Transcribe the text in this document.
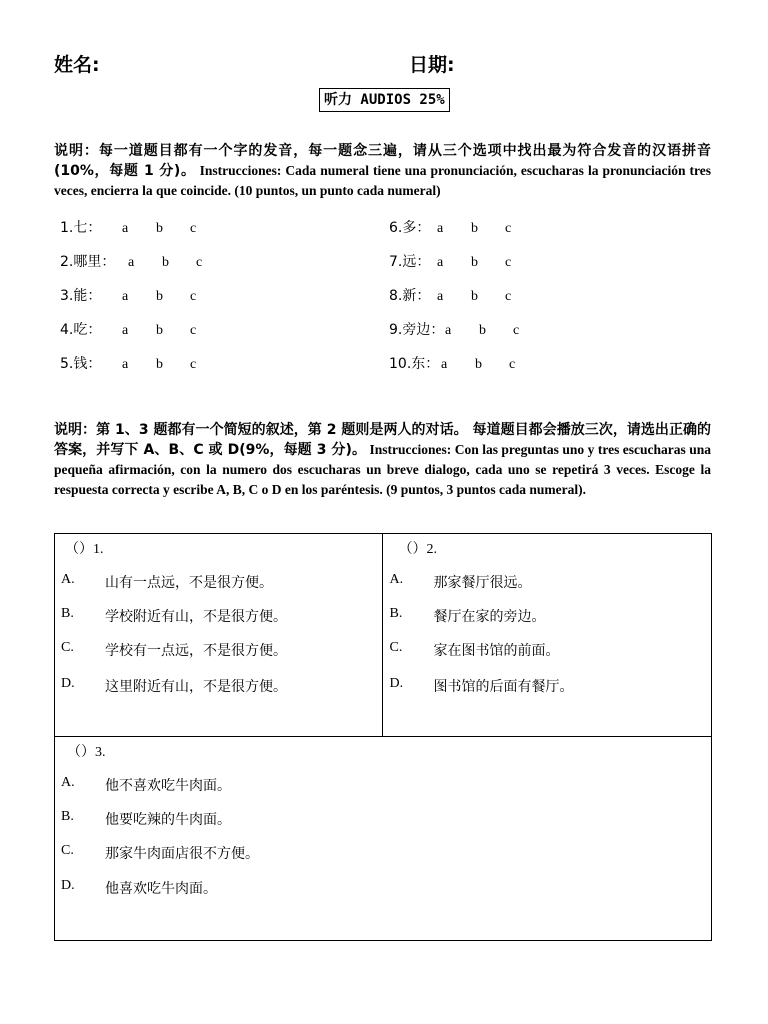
姓名:	日期:
听力 AUDIOS 25%
说明：每一道题目都有一个字的发音，每一题念三遍，请从三个选项中找出最为符合发音的汉语拼音 (10%，每题 1 分)。 Instrucciones: Cada numeral tiene una pronunciación, escucharas la pronunciación tres veces, encierra la que coincide. (10 puntos, un punto cada numeral)
1.七： a b c
2.哪里： a b c
3.能： a b c
4.吃： a b c
5.钱： a b c
6.多： a b c
7.远： a b c
8.新： a b c
9.旁边：a b c
10.东： a b c
说明：第 1、3 题都有一个简短的叙述，第 2 题则是两人的对话。 每道题目都会播放三次，请选出正确的答案，并写下 A、B、C 或 D(9%，每题 3 分)。 Instrucciones: Con las preguntas uno y tres escucharas una pequeña afirmación, con la numero dos escucharas un breve dialogo, cada uno se repetirá 3 veces. Escoge la respuesta correcta y escribe A, B, C o D en los paréntesis. (9 puntos, 3 puntos cada numeral).
（）1.
A. 山有一点远，不是很方便。
B. 学校附近有山，不是很方便。
C. 学校有一点远，不是很方便。
D. 这里附近有山，不是很方便。

（）2.
A. 那家餐厅很远。
B. 餐厅在家的旁边。
C. 家在图书馆的前面。
D. 图书馆的后面有餐厅。

（）3.
A. 他不喜欢吃牛肉面。
B. 他要吃辣的牛肉面。
C. 那家牛肉面店很不方便。
D. 他喜欢吃牛肉面。
